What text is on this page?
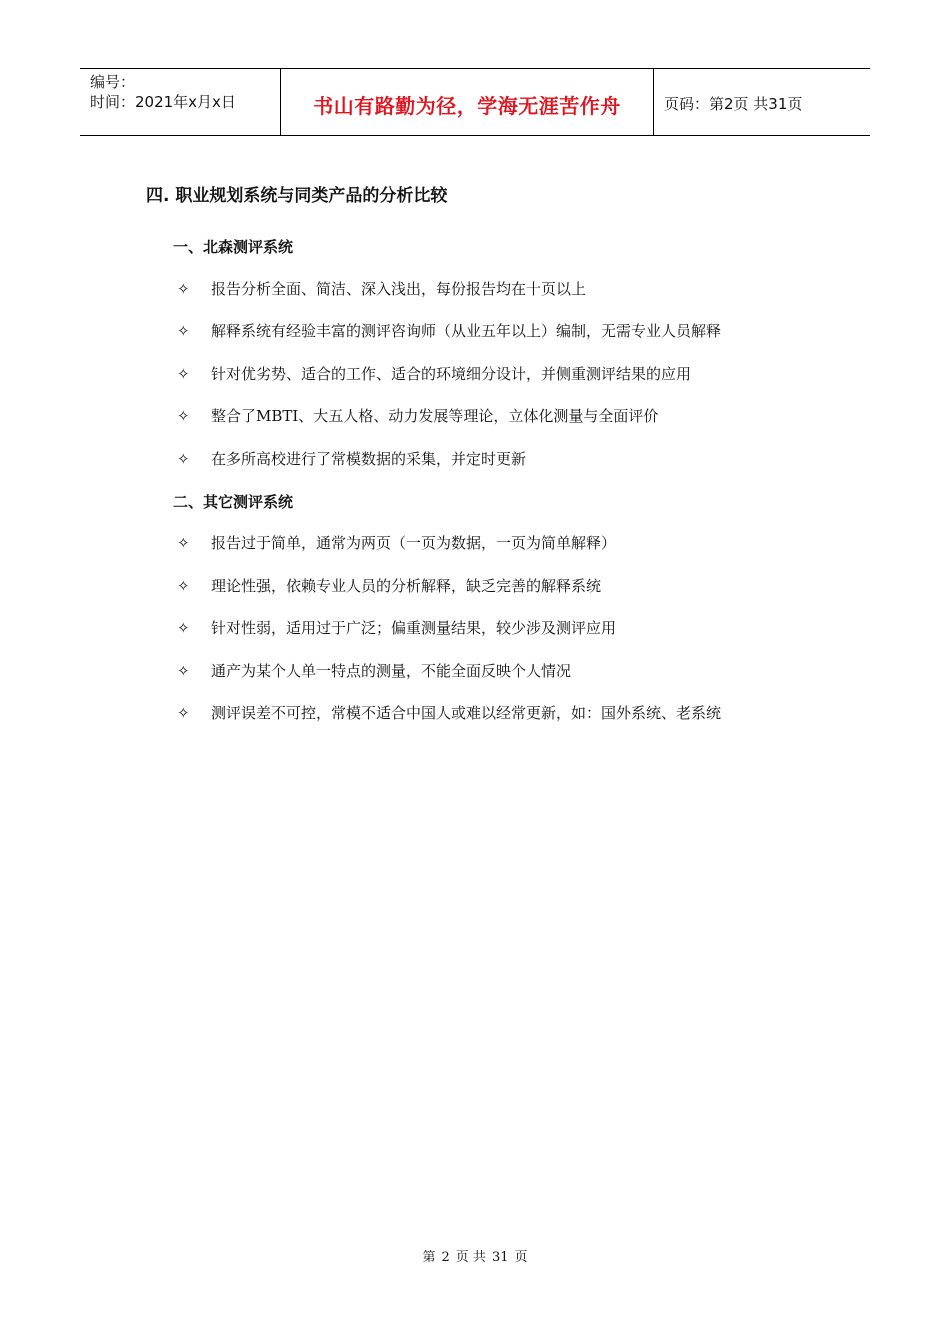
编号：
时间：2021年x月x日	书山有路勤为径，学海无涯苦作舟	页码：第2页 共31页
四. 职业规划系统与同类产品的分析比较
一、北森测评系统
✧ 报告分析全面、简洁、深入浅出，每份报告均在十页以上
✧ 解释系统有经验丰富的测评咨询师（从业五年以上）编制，无需专业人员解释
✧ 针对优劣势、适合的工作、适合的环境细分设计，并侧重测评结果的应用
✧ 整合了MBTI、大五人格、动力发展等理论，立体化测量与全面评价
✧ 在多所高校进行了常模数据的采集，并定时更新
二、其它测评系统
✧ 报告过于简单，通常为两页（一页为数据，一页为简单解释）
✧ 理论性强，依赖专业人员的分析解释，缺乏完善的解释系统
✧ 针对性弱，适用过于广泛；偏重测量结果，较少涉及测评应用
✧ 通产为某个人单一特点的测量，不能全面反映个人情况
✧ 测评误差不可控，常模不适合中国人或难以经常更新，如：国外系统、老系统
第 2 页 共 31 页
